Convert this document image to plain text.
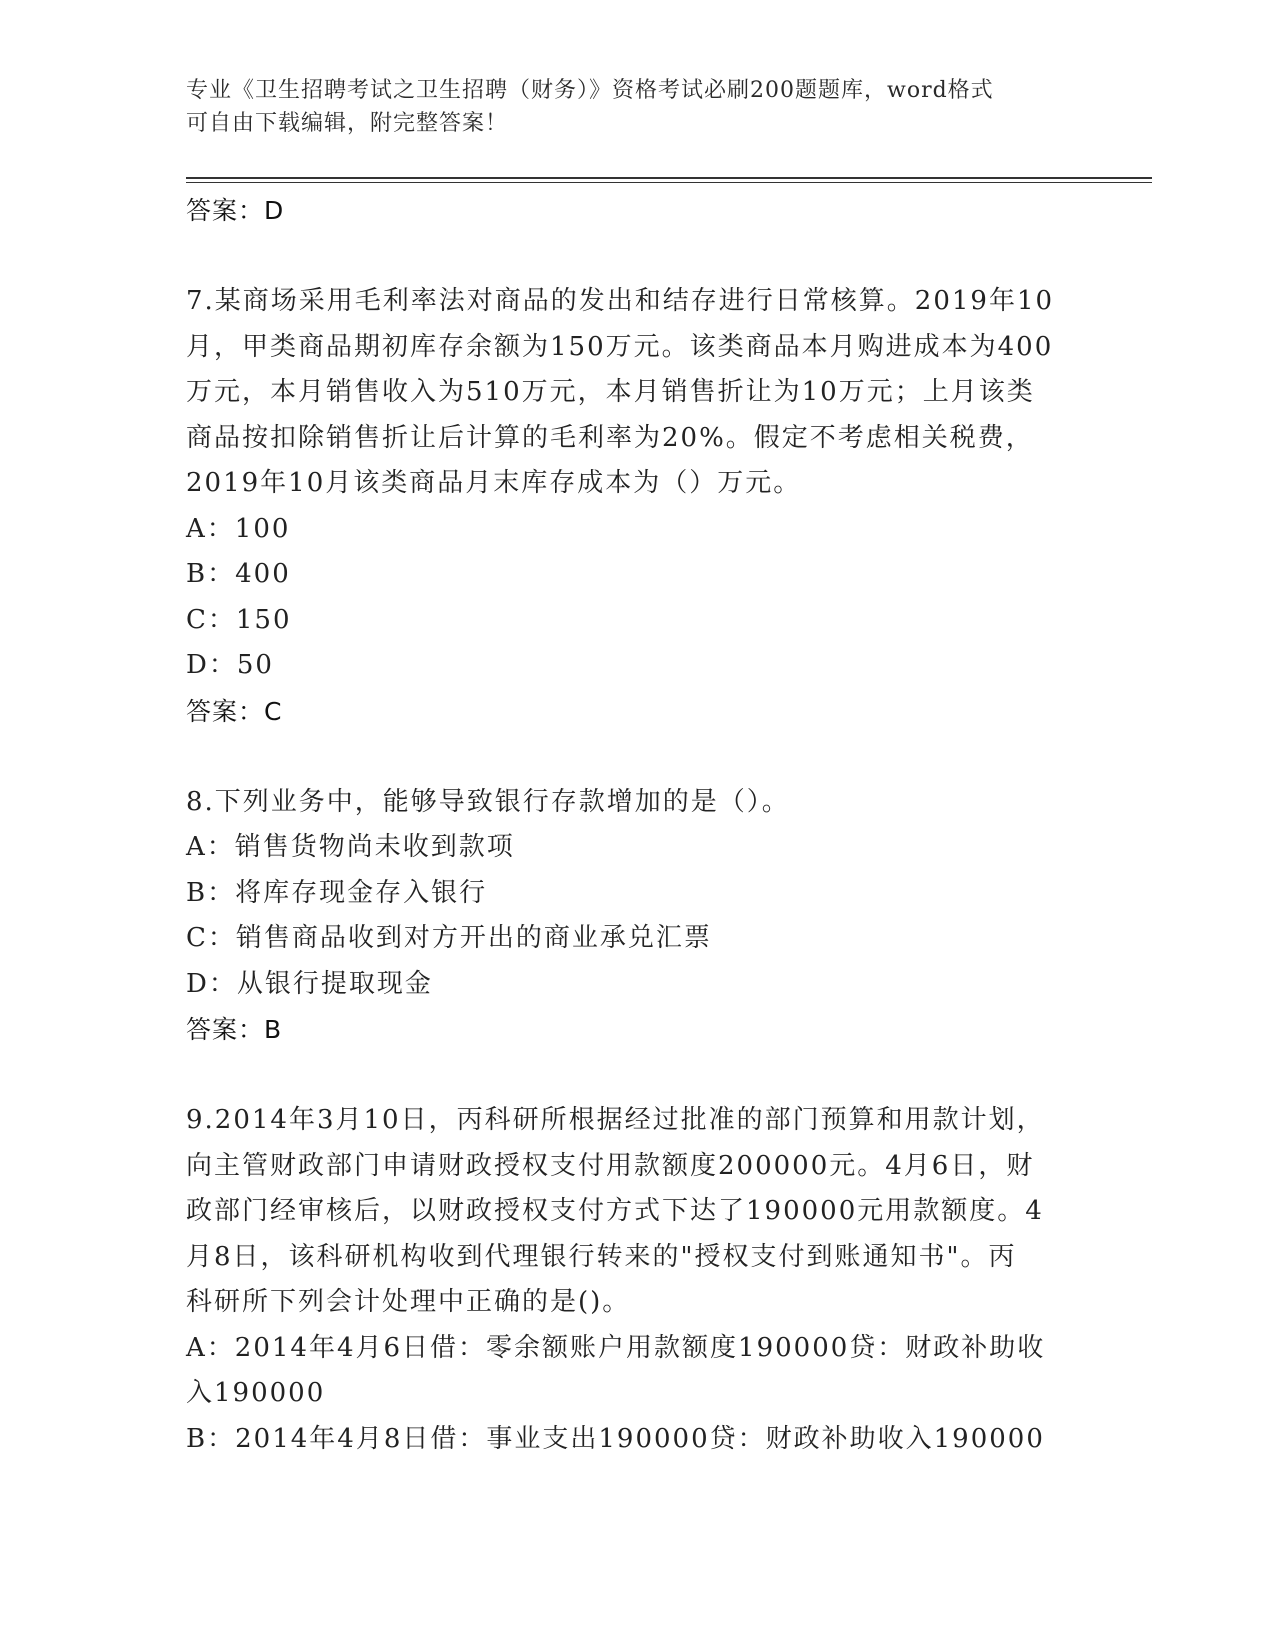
专业《卫生招聘考试之卫生招聘（财务）》资格考试必刷200题题库，word格式
可自由下载编辑，附完整答案！
答案：D
7.某商场采用毛利率法对商品的发出和结存进行日常核算。2019年10
月，甲类商品期初库存余额为150万元。该类商品本月购进成本为400
万元，本月销售收入为510万元，本月销售折让为10万元；上月该类
商品按扣除销售折让后计算的毛利率为20%。假定不考虑相关税费，
2019年10月该类商品月末库存成本为（）万元。
A：100
B：400
C：150
D：50
答案：C
8.下列业务中，能够导致银行存款增加的是（）。
A：销售货物尚未收到款项
B：将库存现金存入银行
C：销售商品收到对方开出的商业承兑汇票
D：从银行提取现金
答案：B
9.2014年3月10日，丙科研所根据经过批准的部门预算和用款计划，
向主管财政部门申请财政授权支付用款额度200000元。4月6日，财
政部门经审核后，以财政授权支付方式下达了190000元用款额度。4
月8日，该科研机构收到代理银行转来的"授权支付到账通知书"。丙
科研所下列会计处理中正确的是()。
A：2014年4月6日借：零余额账户用款额度190000贷：财政补助收
入190000
B：2014年4月8日借：事业支出190000贷：财政补助收入190000
